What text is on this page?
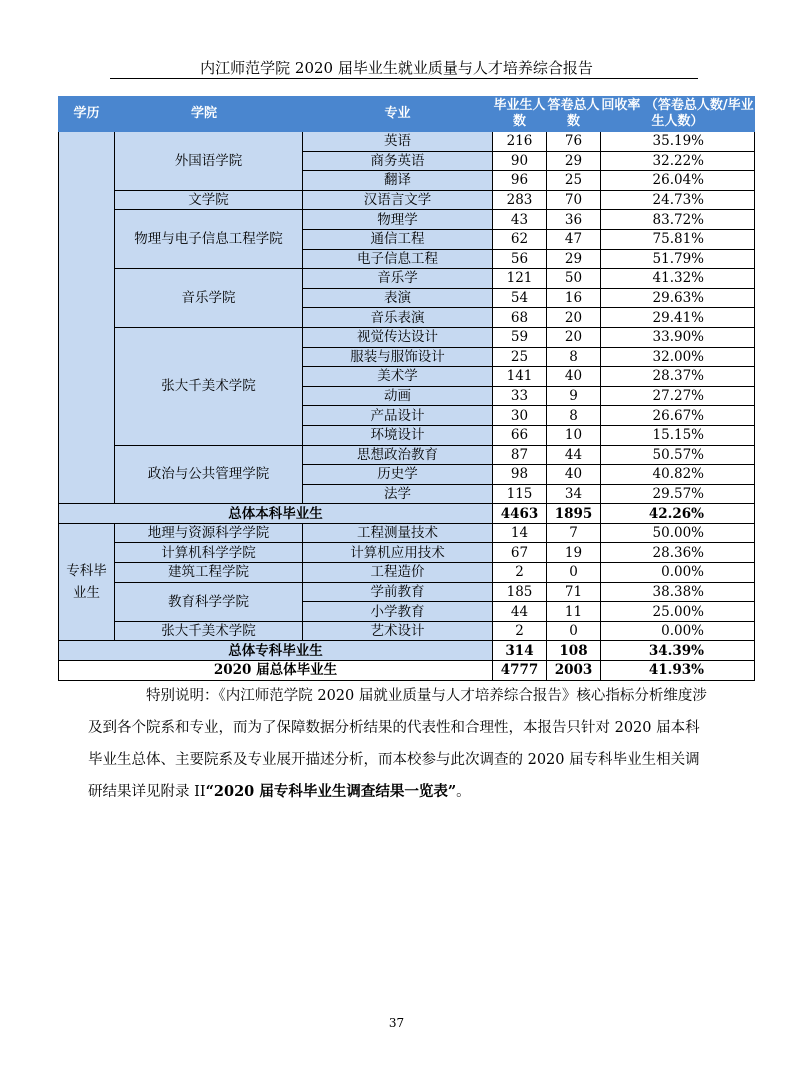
内江师范学院 2020 届毕业生就业质量与人才培养综合报告
学历	学院	专业	毕业生人数	答卷总人数	回收率 （答卷总人数/毕业生人数）
	外国语学院	英语	216	76	35.19%
		商务英语	90	29	32.22%
		翻译	96	25	26.04%
	文学院	汉语言文学	283	70	24.73%
	物理与电子信息工程学院	物理学	43	36	83.72%
		通信工程	62	47	75.81%
		电子信息工程	56	29	51.79%
	音乐学院	音乐学	121	50	41.32%
		表演	54	16	29.63%
		音乐表演	68	20	29.41%
	张大千美术学院	视觉传达设计	59	20	33.90%
		服装与服饰设计	25	8	32.00%
		美术学	141	40	28.37%
		动画	33	9	27.27%
		产品设计	30	8	26.67%
		环境设计	66	10	15.15%
	政治与公共管理学院	思想政治教育	87	44	50.57%
		历史学	98	40	40.82%
		法学	115	34	29.57%
总体本科毕业生			4463	1895	42.26%
专科毕业生	地理与资源科学学院	工程测量技术	14	7	50.00%
	计算机科学学院	计算机应用技术	67	19	28.36%
	建筑工程学院	工程造价	2	0	0.00%
	教育科学学院	学前教育	185	71	38.38%
		小学教育	44	11	25.00%
	张大千美术学院	艺术设计	2	0	0.00%
总体专科毕业生			314	108	34.39%
2020 届总体毕业生			4777	2003	41.93%
特别说明：《内江师范学院 2020 届就业质量与人才培养综合报告》核心指标分析维度涉及到各个院系和专业，而为了保障数据分析结果的代表性和合理性，本报告只针对 2020 届本科毕业生总体、主要院系及专业展开描述分析，而本校参与此次调查的 2020 届专科毕业生相关调研结果详见附录 II“2020 届专科毕业生调查结果一览表”。
37
